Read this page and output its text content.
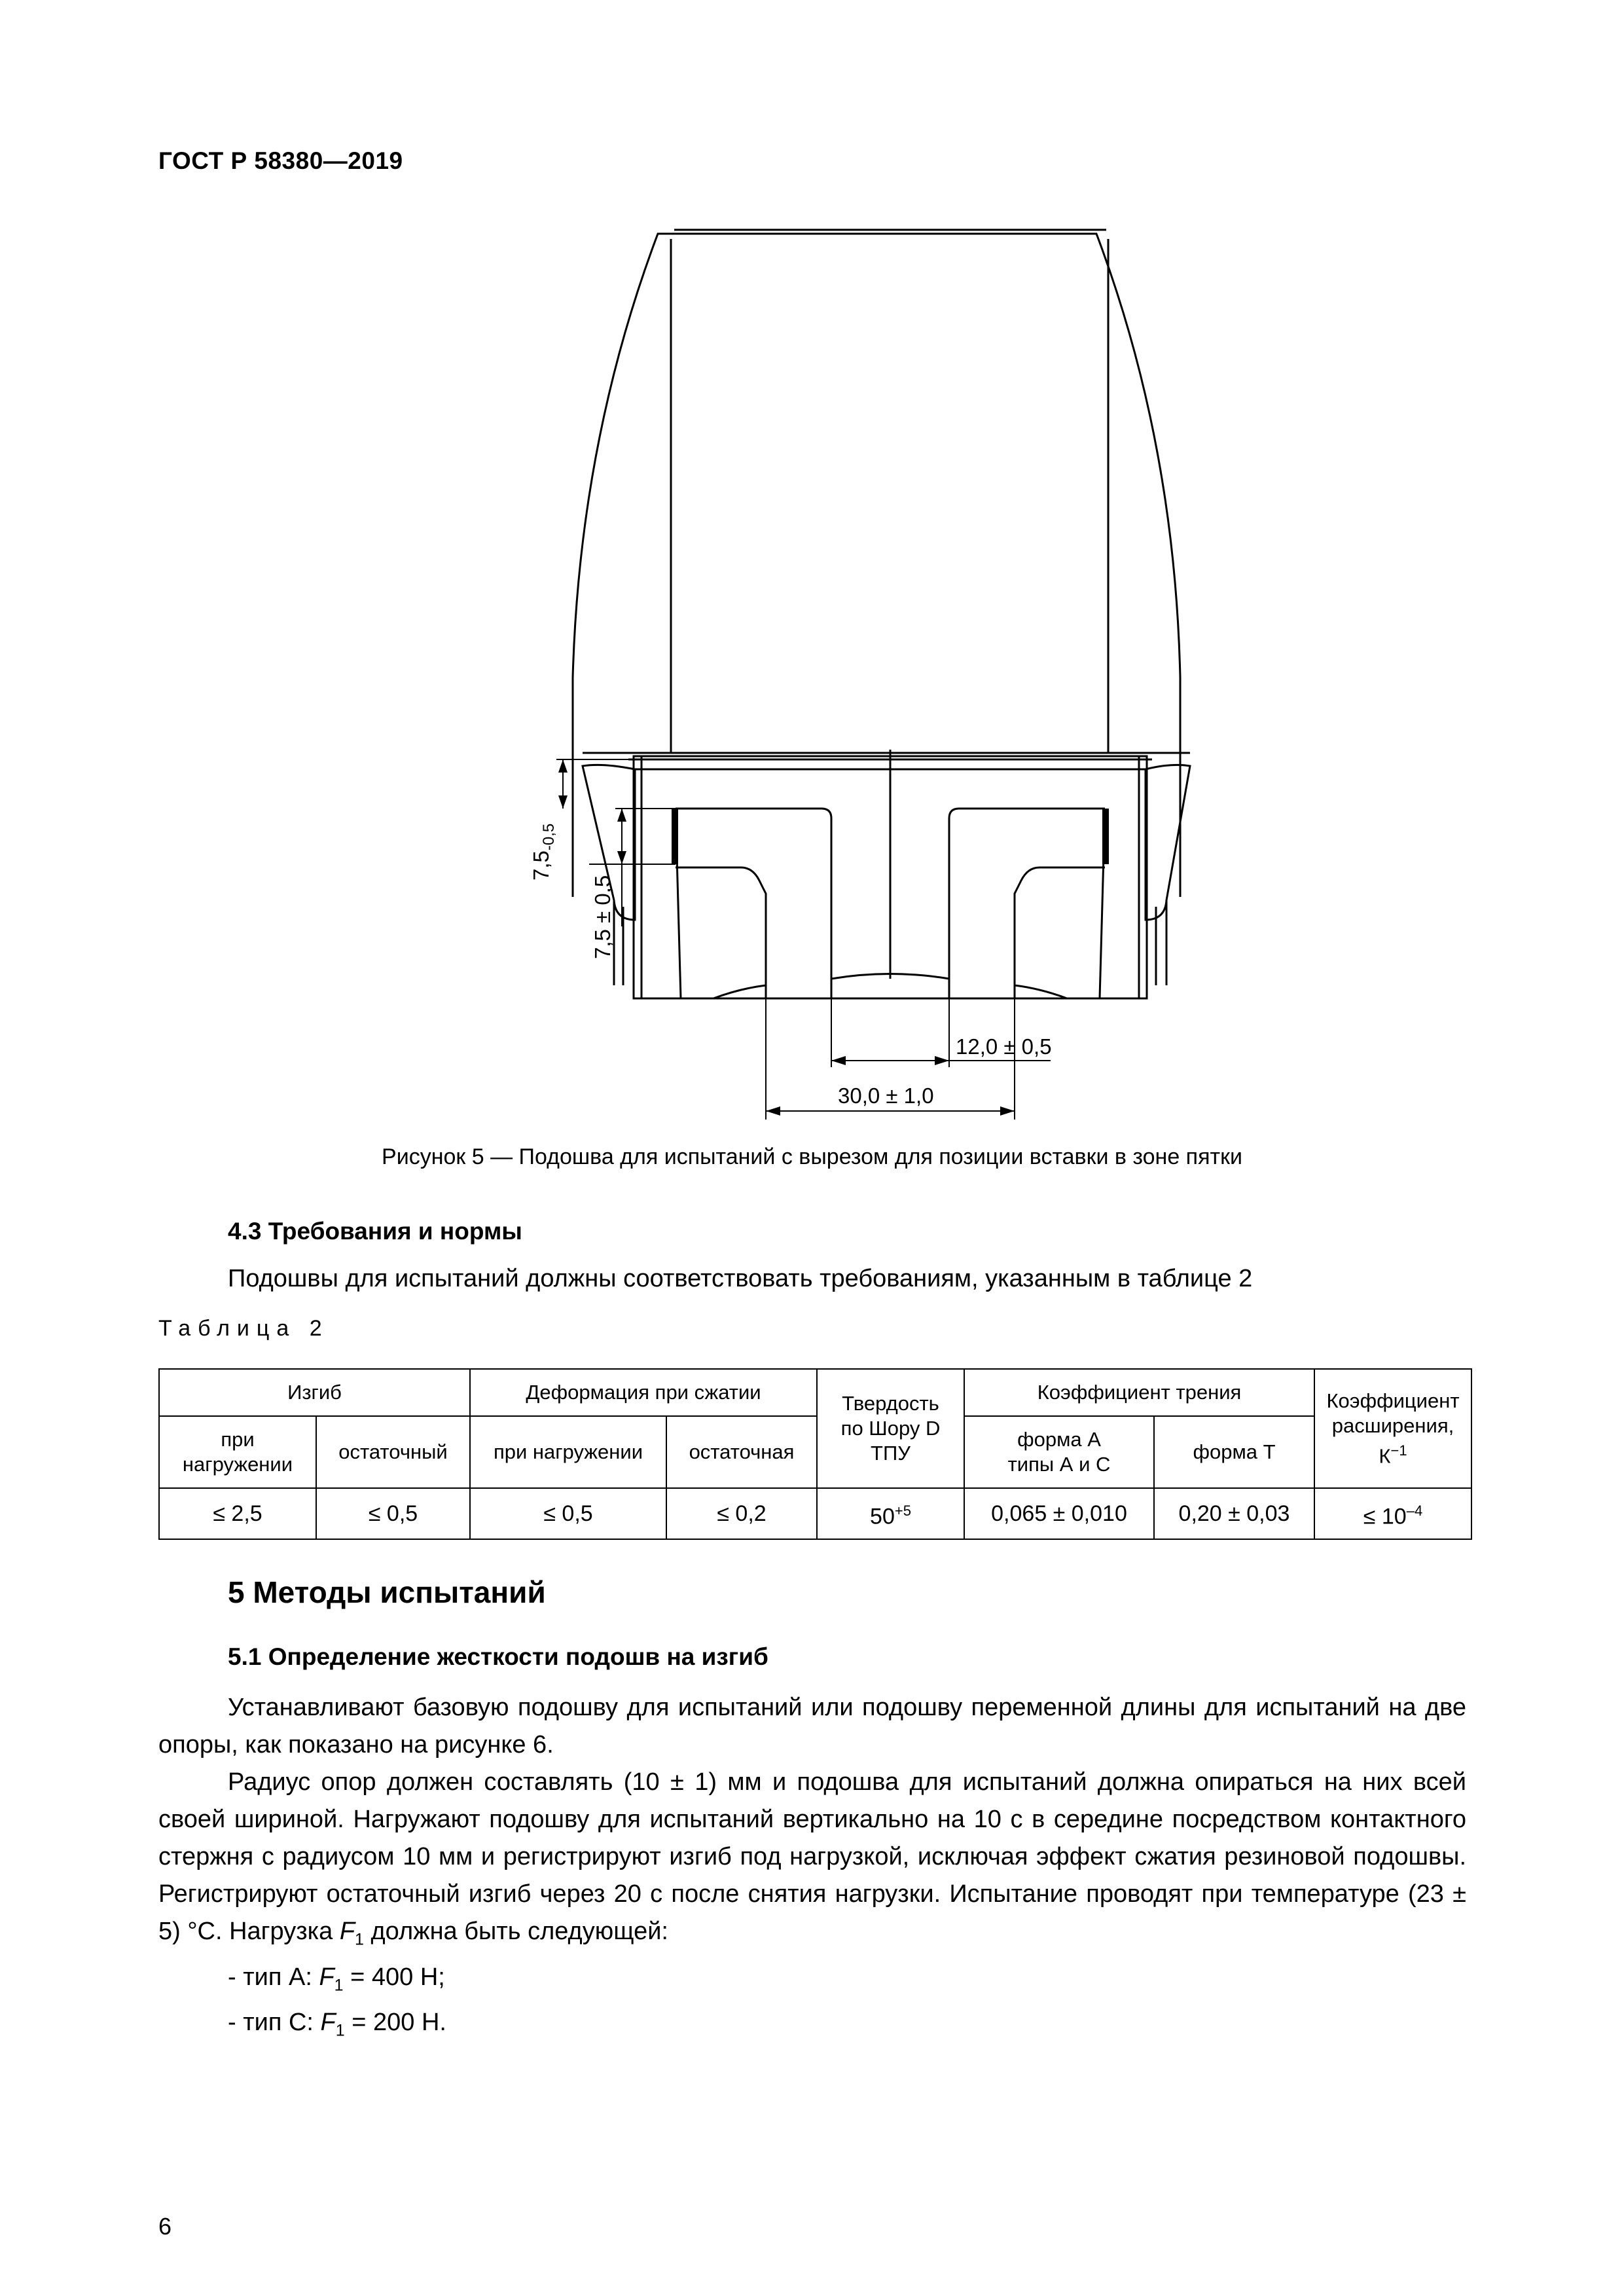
ГОСТ Р 58380—2019
$7,5_{-0,5}$
7,5 ± 0,5
12,0 ± 0,5
30,0 ± 1,0
Рисунок 5 — Подошва для испытаний с вырезом для позиции вставки в зоне пятки
4.3 Требования и нормы
Подошвы для испытаний должны соответствовать требованиям, указанным в таблице 2
Таблица 2
Изгиб		Деформация при сжатии		Твердость по Шору D ТПУ	Коэффициент трения		Коэффициент расширения, $К^{-1}$

при нагружении	остаточный	при нагружении	остаточная		форма А типы А и С	форма Т	
≤ 2,5	≤ 0,5	≤ 0,5	≤ 0,2	$50^{+5}$	0,065 ± 0,010	0,20 ± 0,03	≤ $10^{-4}$
5 Методы испытаний
5.1 Определение жесткости подошв на изгиб

Устанавливают базовую подошву для испытаний или подошву переменной длины для испытаний на две опоры, как показано на рисунке 6.

Радиус опор должен составлять (10 ± 1) мм и подошва для испытаний должна опираться на них всей своей шириной. Нагружают подошву для испытаний вертикально на 10 с в середине посредством контактного стержня с радиусом 10 мм и регистрируют изгиб под нагрузкой, исключая эффект сжатия резиновой подошвы. Регистрируют остаточный изгиб через 20 с после снятия нагрузки. Испытание проводят при температуре (23 ± 5) °С. Нагрузка $F_1$ должна быть следующей:

- тип А: $F_1 = 400$ Н;

- тип С: $F_1 = 200$ Н.

6
